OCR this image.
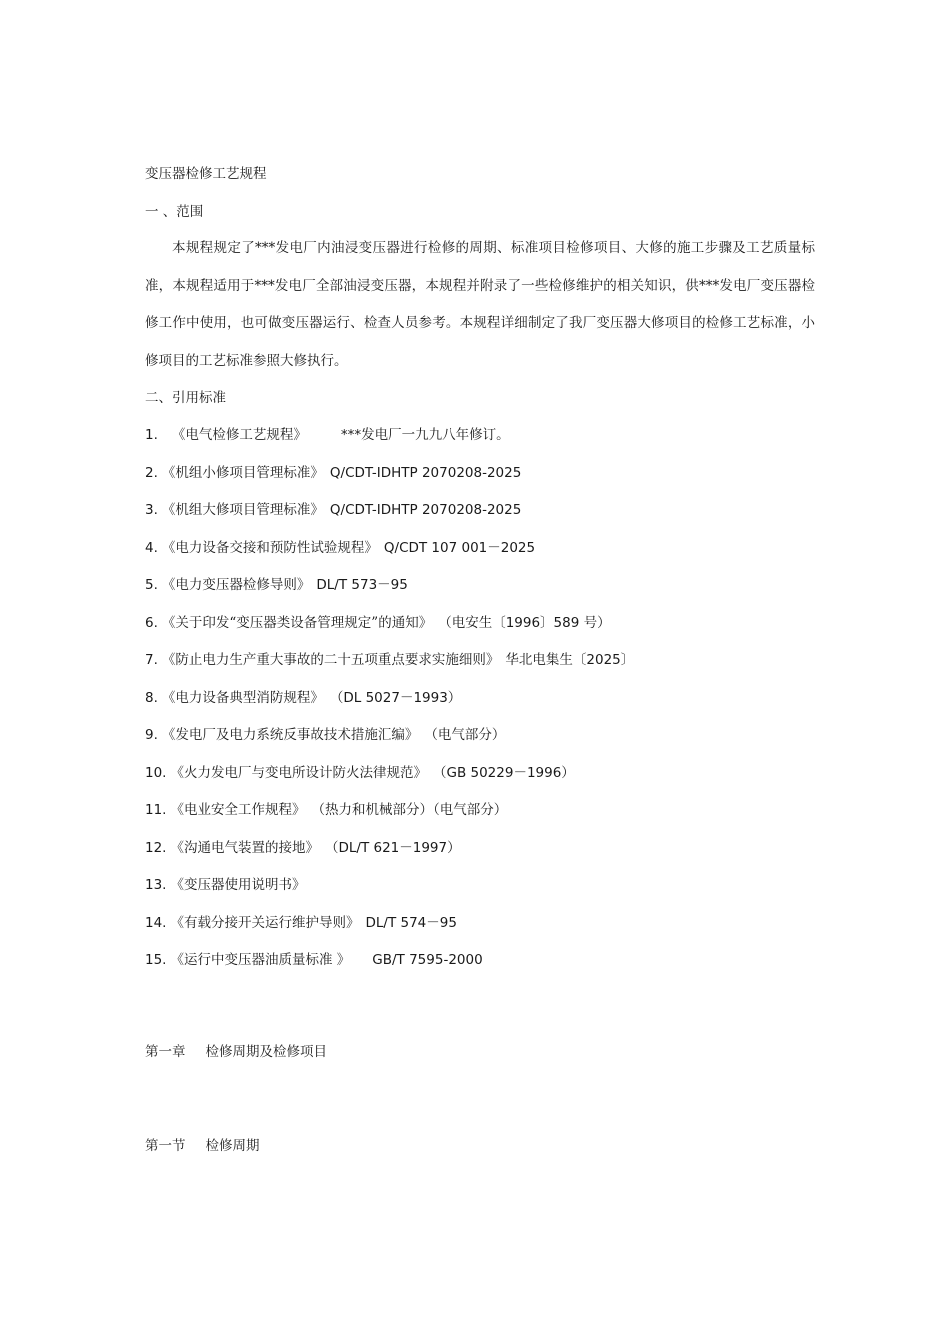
变压器检修工艺规程
一 、范围
本规程规定了***发电厂内油浸变压器进行检修的周期、标准项目检修项目、大修的施工步骤及工艺质量标准，本规程适用于***发电厂全部油浸变压器，本规程并附录了一些检修维护的相关知识，供***发电厂变压器检修工作中使用，也可做变压器运行、检查人员参考。本规程详细制定了我厂变压器大修项目的检修工艺标准，小修项目的工艺标准参照大修执行。
二、引用标准
1. 《电气检修工艺规程》	***发电厂一九九八年修订。
2. 《机组小修项目管理标准》 Q/CDT-IDHTP 2070208-2025
3. 《机组大修项目管理标准》 Q/CDT-IDHTP 2070208-2025
4. 《电力设备交接和预防性试验规程》 Q/CDT 107 001－2025
5. 《电力变压器检修导则》 DL/T 573－95
6. 《关于印发“变压器类设备管理规定”的通知》 （电安生〔1996〕589 号）
7. 《防止电力生产重大事故的二十五项重点要求实施细则》 华北电集生〔2025〕
8. 《电力设备典型消防规程》 （DL 5027－1993）
9. 《发电厂及电力系统反事故技术措施汇编》 （电气部分）
10. 《火力发电厂与变电所设计防火法律规范》 （GB 50229－1996）
11. 《电业安全工作规程》 （热力和机械部分）（电气部分）
12. 《沟通电气装置的接地》 （DL/T 621－1997）
13. 《变压器使用说明书》
14. 《有载分接开关运行维护导则》 DL/T 574－95
15. 《运行中变压器油质量标准 》 GB/T 7595-2000
第一章 检修周期及检修项目
第一节 检修周期
